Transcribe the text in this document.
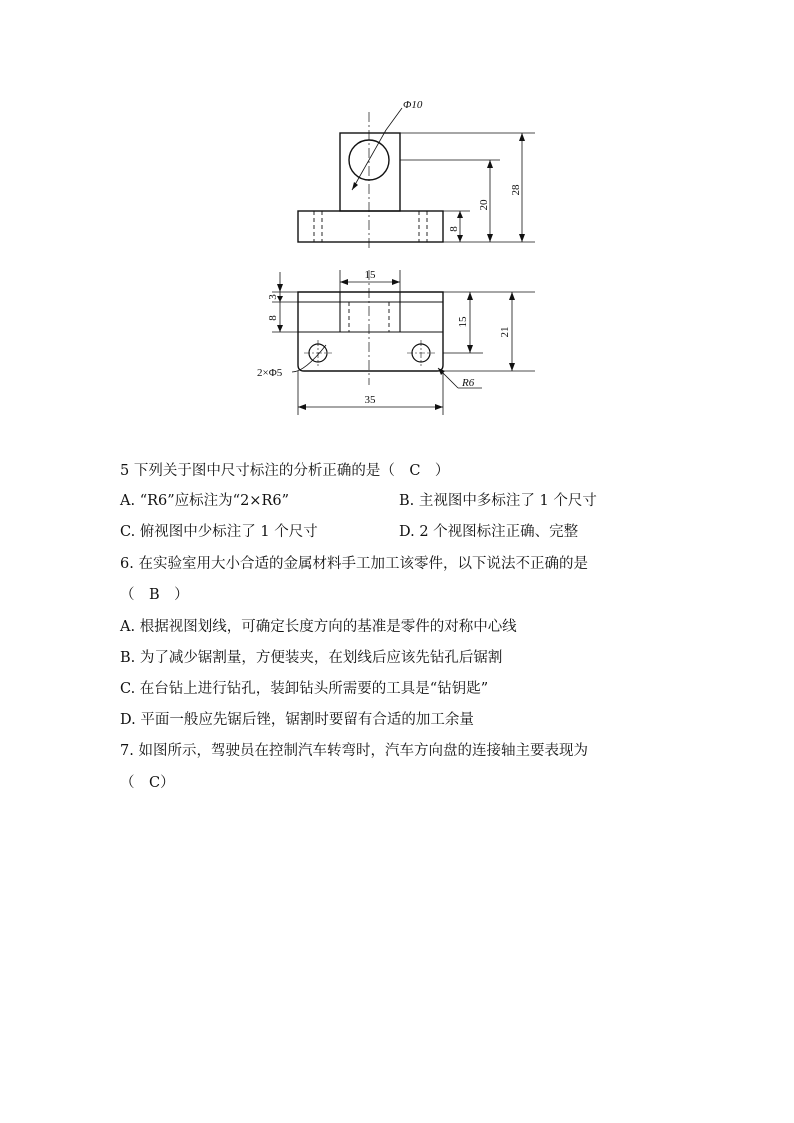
Φ10
20
28
8
15
3
8	15
21
35
2×Φ5
R6
5 下列关于图中尺寸标注的分析正确的是（　C　）
A. “R6”应标注为“2×R6”	B. 主视图中多标注了 1 个尺寸
C. 俯视图中少标注了 1 个尺寸	D. 2 个视图标注正确、完整
6. 在实验室用大小合适的金属材料手工加工该零件，以下说法不正确的是
（　B　）
A. 根据视图划线，可确定长度方向的基准是零件的对称中心线
B. 为了减少锯割量，方便装夹，在划线后应该先钻孔后锯割
C. 在台钻上进行钻孔，装卸钻头所需要的工具是“钻钥匙”
D. 平面一般应先锯后锉，锯割时要留有合适的加工余量
7. 如图所示，驾驶员在控制汽车转弯时，汽车方向盘的连接轴主要表现为
（　C）
